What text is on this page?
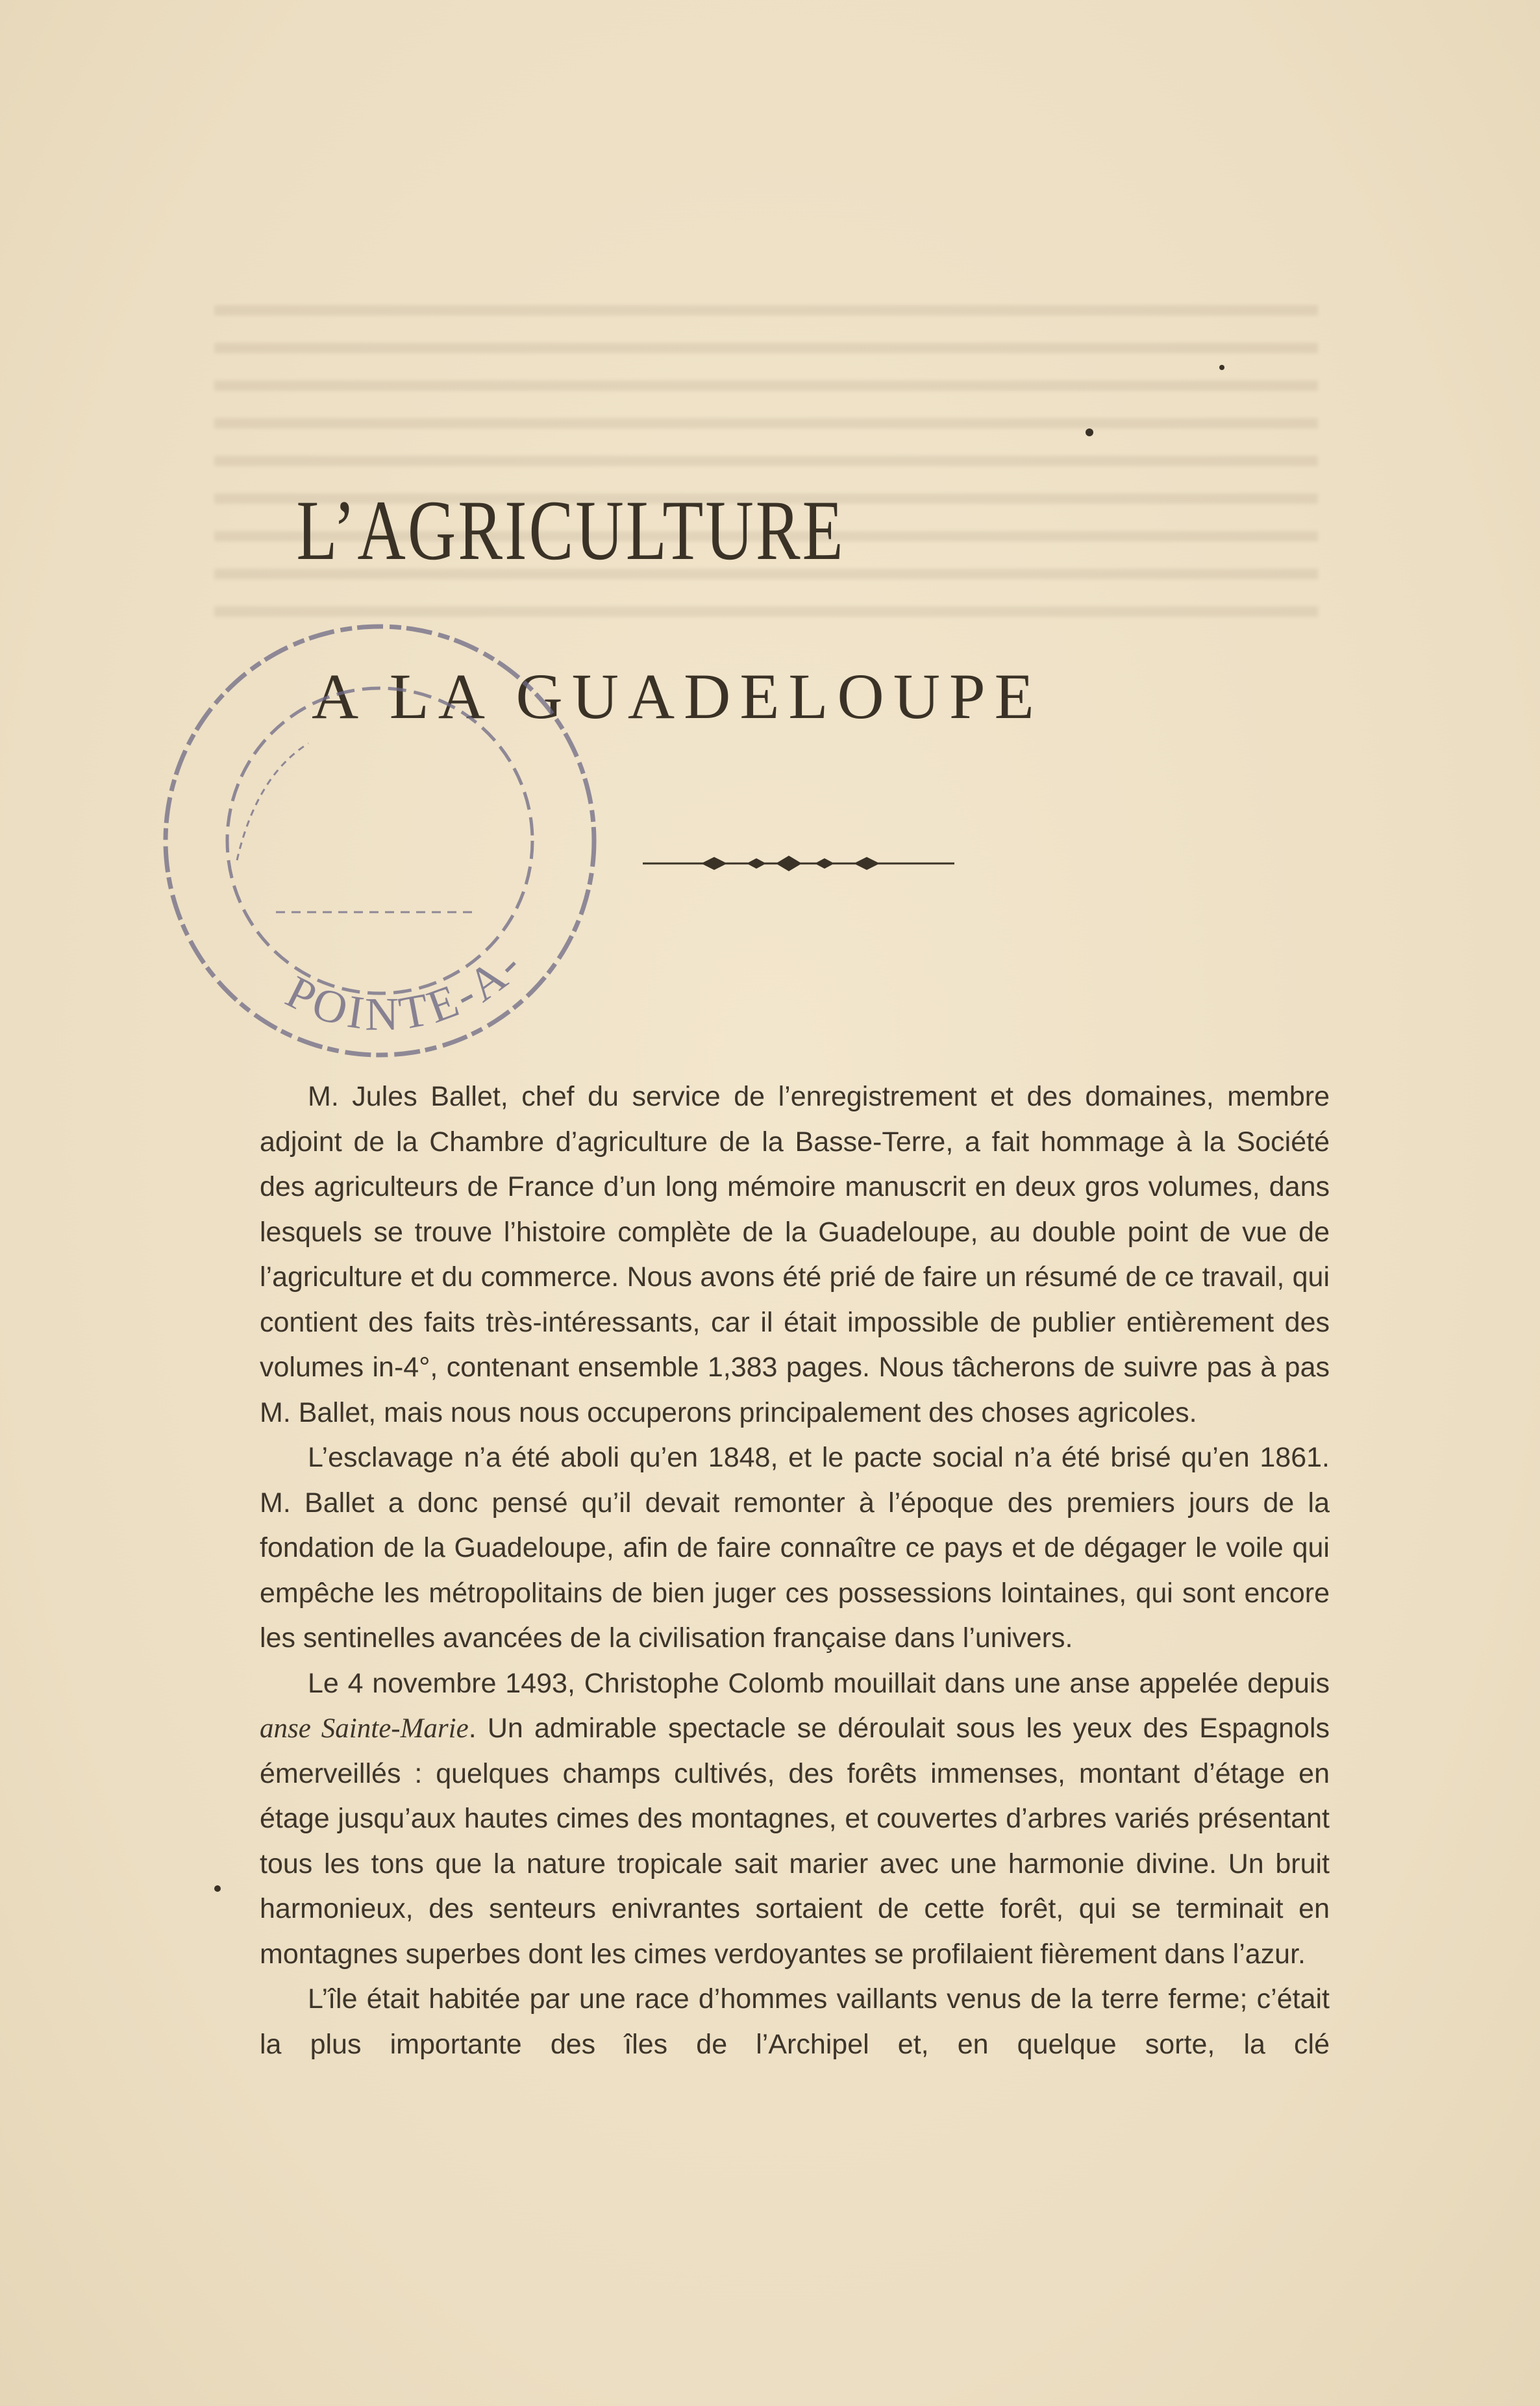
L’AGRICULTURE
A LA GUADELOUPE
POINTE-A-

M. Jules Ballet, chef du service de l’enregistrement et des domaines, membre adjoint de la Chambre d’agriculture de la Basse-Terre, a fait hommage à la Société des agriculteurs de France d’un long mémoire manuscrit en deux gros volumes, dans lesquels se trouve l’histoire complète de la Guadeloupe, au double point de vue de l’agriculture et du commerce. Nous avons été prié de faire un résumé de ce travail, qui contient des faits très-intéressants, car il était impossible de publier entièrement des volumes in-4°, contenant ensemble 1,383 pages. Nous tâcherons de suivre pas à pas M. Ballet, mais nous nous occuperons principalement des choses agricoles.

L’esclavage n’a été aboli qu’en 1848, et le pacte social n’a été brisé qu’en 1861. M. Ballet a donc pensé qu’il devait remonter à l’époque des premiers jours de la fondation de la Guadeloupe, afin de faire connaître ce pays et de dégager le voile qui empêche les métropolitains de bien juger ces possessions lointaines, qui sont encore les sentinelles avancées de la civilisation française dans l’univers.

Le 4 novembre 1493, Christophe Colomb mouillait dans une anse appelée depuis anse Sainte-Marie. Un admirable spectacle se déroulait sous les yeux des Espagnols émerveillés : quelques champs cultivés, des forêts immenses, montant d’étage en étage jusqu’aux hautes cimes des montagnes, et couvertes d’arbres variés présentant tous les tons que la nature tropicale sait marier avec une harmonie divine. Un bruit harmonieux, des senteurs enivrantes sortaient de cette forêt, qui se terminait en montagnes superbes dont les cimes verdoyantes se profilaient fièrement dans l’azur.

L’île était habitée par une race d’hommes vaillants venus de la terre ferme; c’était la plus importante des îles de l’Archipel et, en quelque sorte, la clé
